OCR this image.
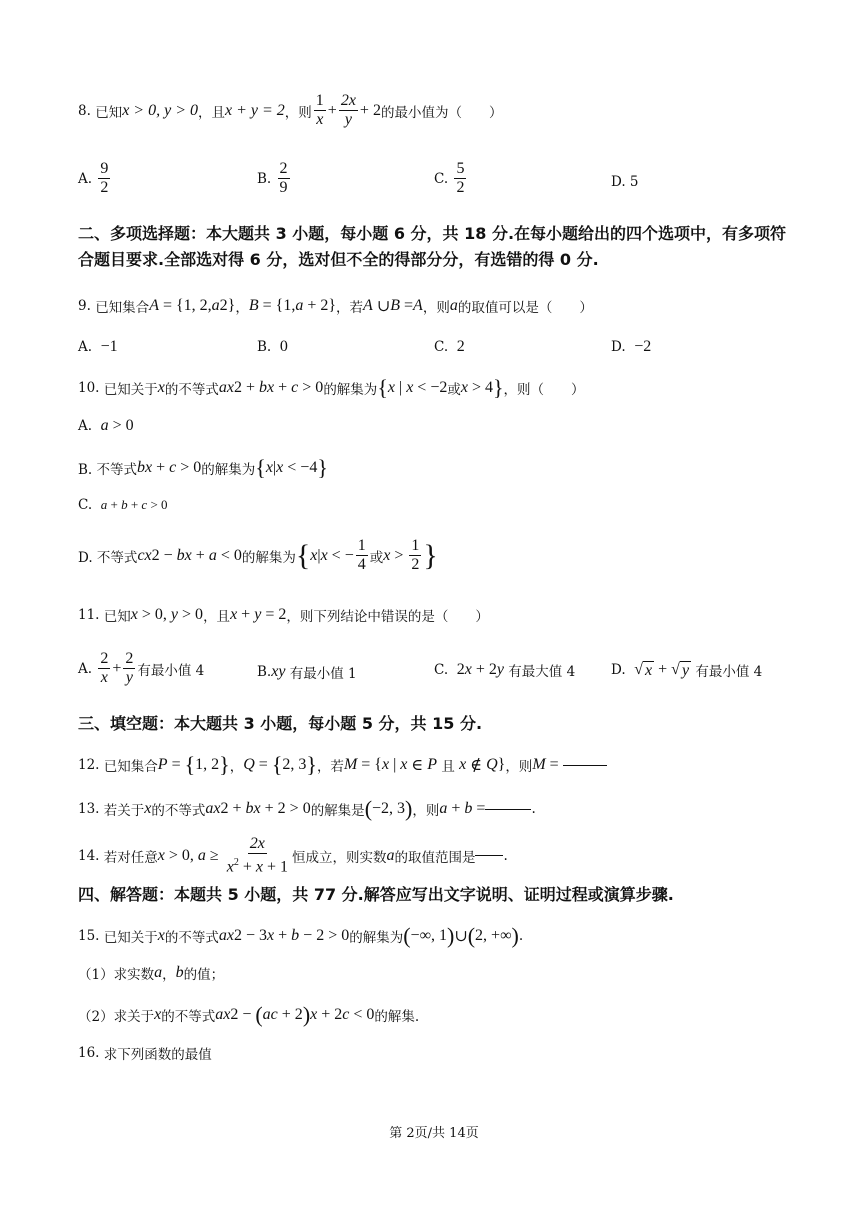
8.
已知 x > 0, y > 0 ，且 x + y = 2 ，则 $\frac{1}{x} + \frac{2x}{y} + 2$ 的最小值为（　　）
A.
$\frac{9}{2}$	B.
$\frac{2}{9}$	C.
$\frac{5}{2}$	D. 5
二、多项选择题：本大题共 3 小题，每小题 6 分，共 18 分.在每小题给出的四个选项中，有多项符合题目要求.全部选对得 6 分，选对但不全的得部分分，有选错的得 0 分.
9.
已知集合 A = {1, 2, a 2 } ， B = {1, a + 2} ，若 A ∪ B = A ，则 a 的取值可以是（　　）
A.
−1	B.
0	C.
2	D.
−2
10.
已知关于 x 的不等式 ax 2 + bx + c > 0 的解集为 { x | x < −2 或 x > 4 } ，则（　　）
A.
a > 0
B. 不等式 bx + c > 0 的解集为 { x | x < −4 }
C.
a + b + c > 0
D. 不等式 cx 2 − bx + a < 0 的解集为 { x | x < − $\frac{1}{4}$ 或 $x > \frac{1}{2}$ }
11.
已知 x > 0, y > 0 ，且 x + y = 2 ，则下列结论中错误的是（　　）
A.
$\frac{2}{x} + \frac{2}{y}$ 有最小值 4	B. xy
有最小值 1	C.
2 x + 2 y
有最大值 4	D.
√ x + √ y
有最小值 4
三、填空题：本大题共 3 小题，每小题 5 分，共 15 分.
12.
已知集合 P = { 1, 2 } ， Q = { 2, 3 } ，若 M = { x | x ∈ P
且
x ∉ Q } ，则 M =
13.
若关于 x 的不等式 ax 2 + bx + 2 > 0 的解集是 ( −2, 3 ) ，则 a + b =	.
14.
若对任意 x > 0, $a \ge \frac{2x}{x^2 + x + 1}$ 恒成立，则实数 a 的取值范围是 .
四、解答题：本题共 5 小题，共 77 分.解答应写出文字说明、证明过程或演算步骤.
15.
已知关于 x 的不等式 ax 2 − 3 x + b − 2 > 0 的解集为 ( −∞, 1 ) ∪ ( 2, +∞ ) .
（1）求实数 a ， b 的值；
（2）求关于 x 的不等式 ax 2 − ( ac + 2 ) x + 2 c < 0 的解集.
16.
求下列函数的最值
第 2页/共 14页
